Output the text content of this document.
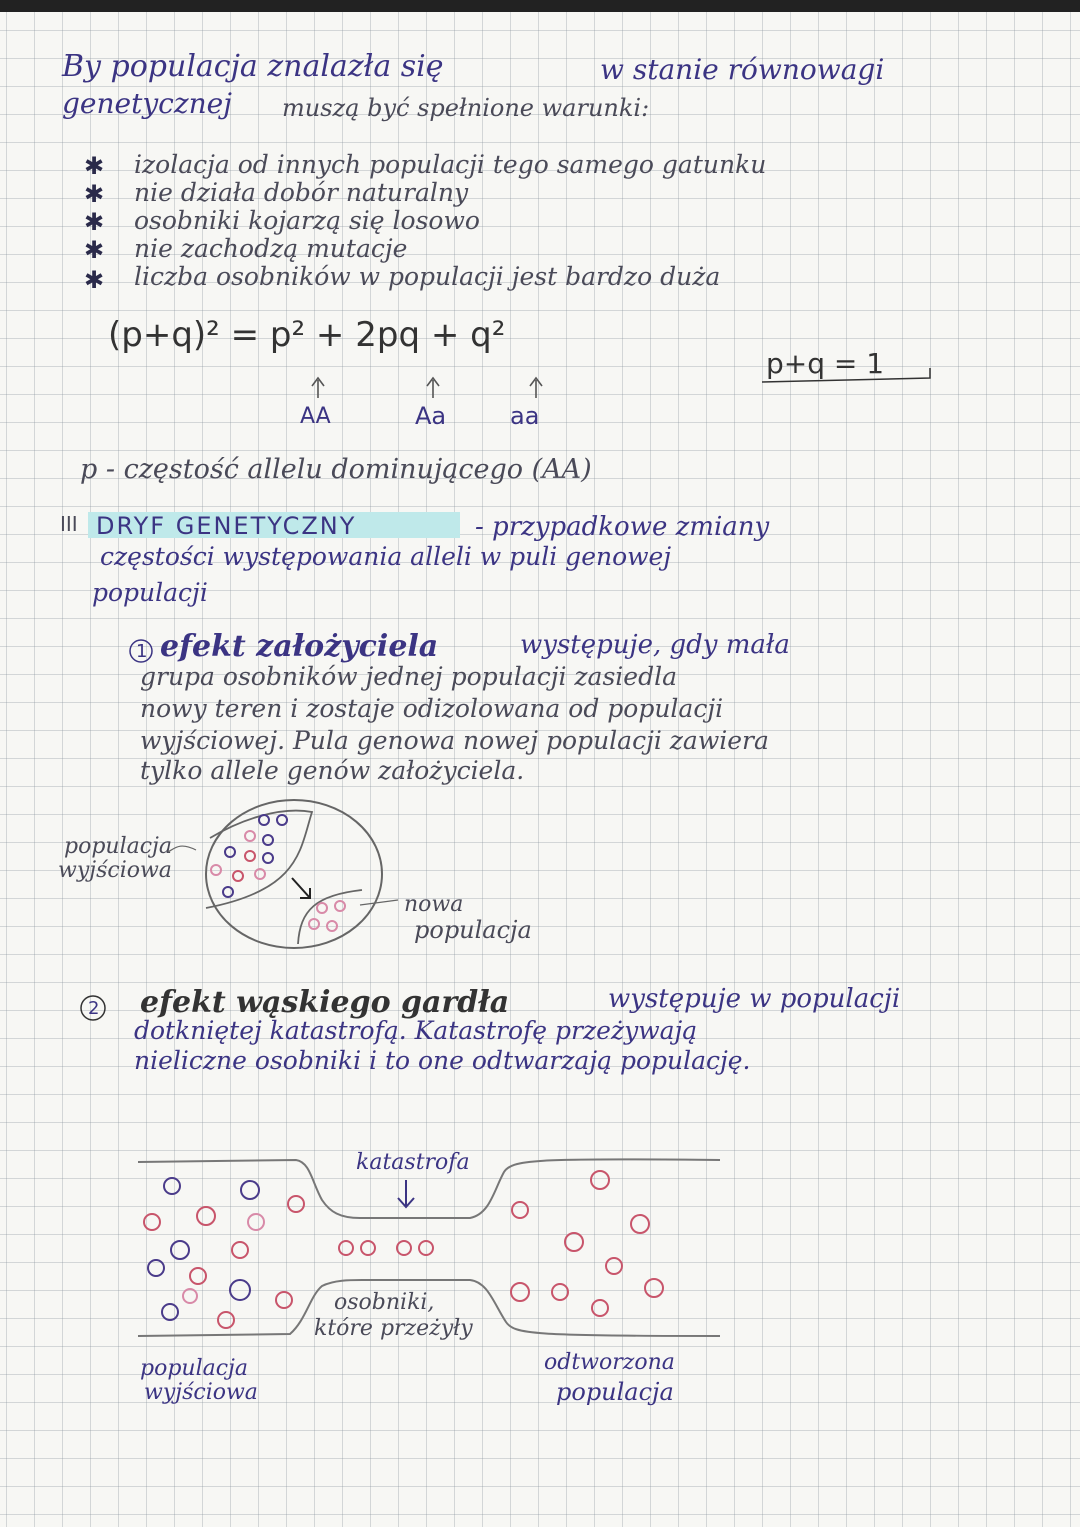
By populacja znalazła się	w stanie równowagi
genetycznej muszą być spełnione warunki:
✱ izolacja od innych populacji tego samego gatunku
✱ nie działa dobór naturalny
✱ osobniki kojarzą się losowo
✱ nie zachodzą mutacje
✱ liczba osobników w populacji jest bardzo duża
(p+q)² = p² + 2pq + q²
AA	Aa	aa
p+q = 1
p - częstość allelu dominującego (AA)
III DRYF GENETYCZNY	- przypadkowe zmiany
częstości występowania alleli w puli genowej
populacji
1 efekt założyciela	występuje, gdy mała
grupa osobników jednej populacji zasiedla
nowy teren i zostaje odizolowana od populacji
wyjściowej. Pula genowa nowej populacji zawiera
tylko allele genów założyciela.
populacja
wyjściowa
nowa
populacja
2 efekt wąskiego gardła	występuje w populacji
dotkniętej katastrofą. Katastrofę przeżywają
nieliczne osobniki i to one odtwarzają populację.
katastrofa
osobniki,
które przeżyły
populacja
wyjściowa
odtworzona
populacja
